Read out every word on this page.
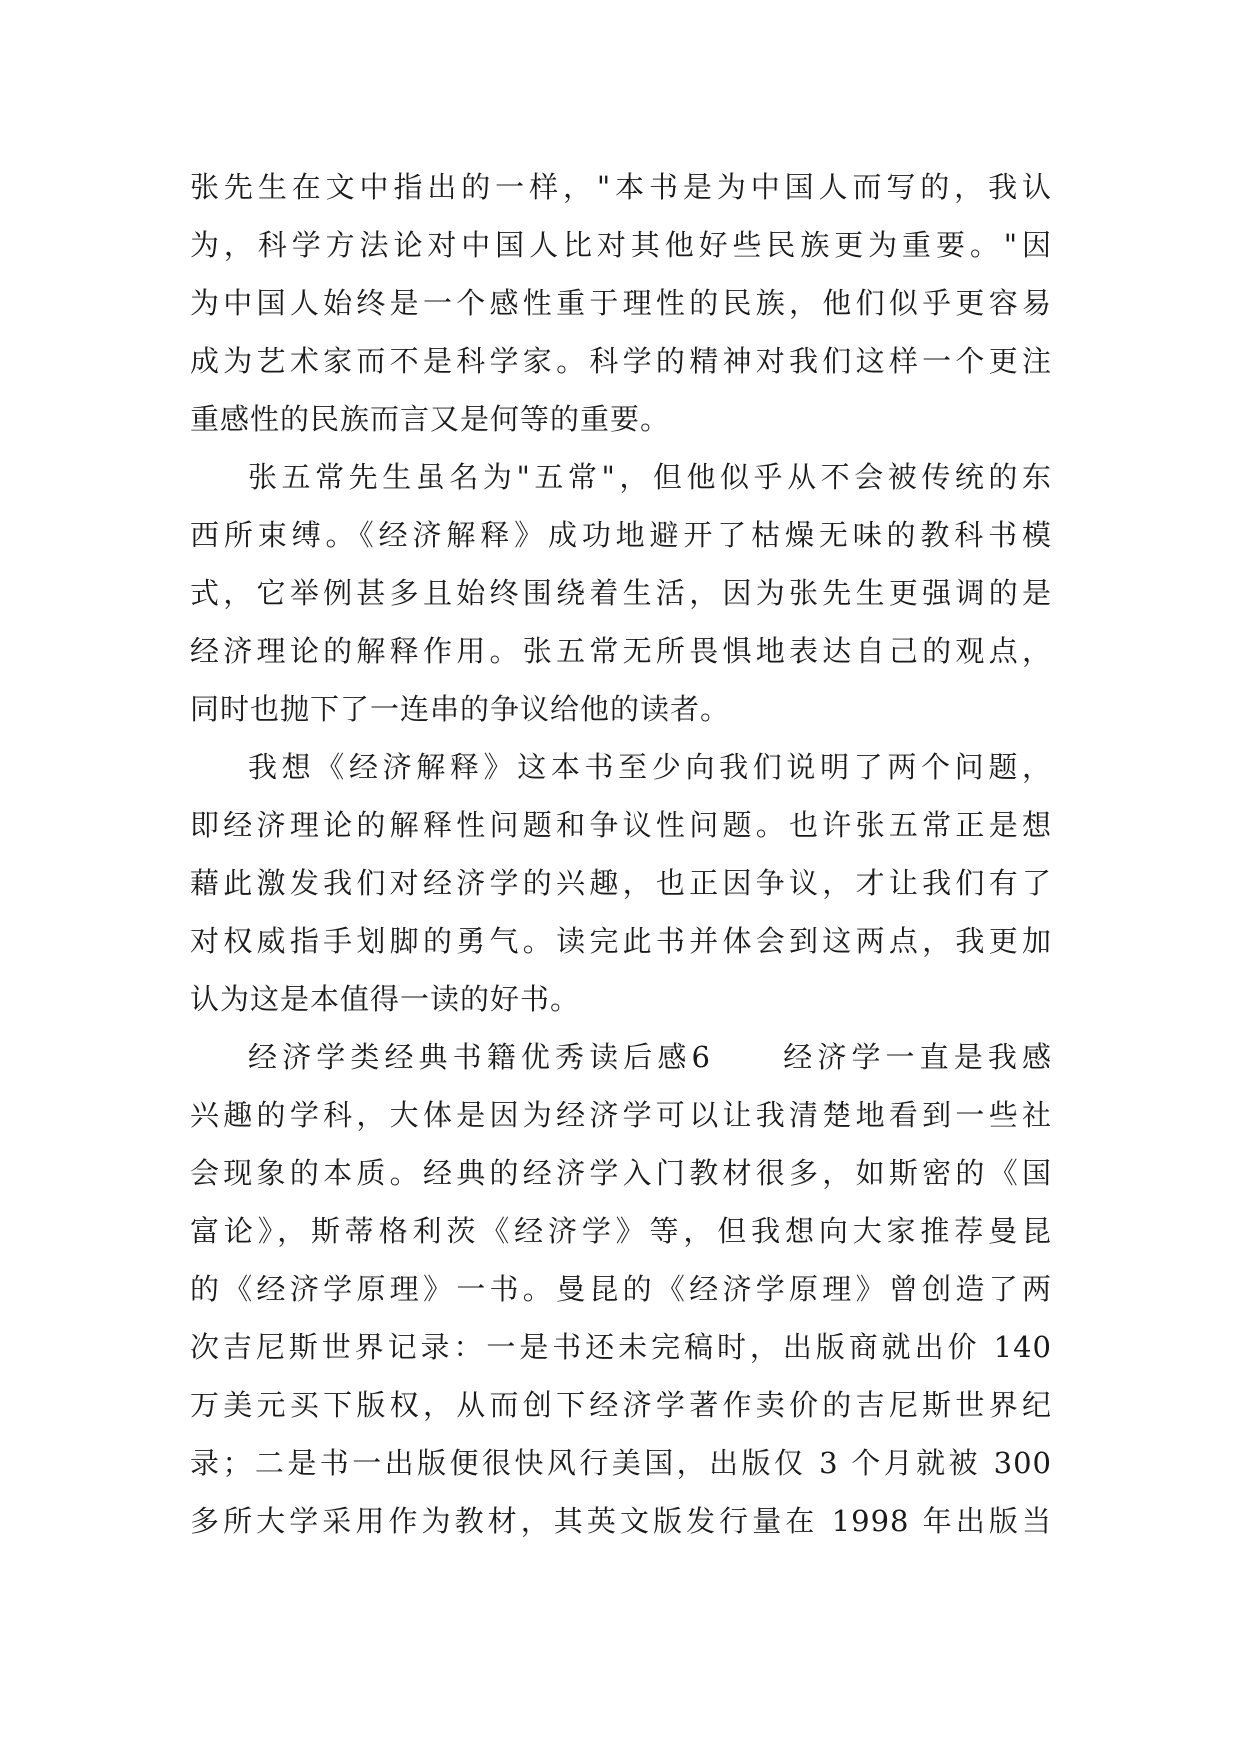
张先生在文中指出的一样，"本书是为中国人而写的，我认
为，科学方法论对中国人比对其他好些民族更为重要。"因
为中国人始终是一个感性重于理性的民族，他们似乎更容易
成为艺术家而不是科学家。科学的精神对我们这样一个更注
重感性的民族而言又是何等的重要。
张五常先生虽名为"五常"，但他似乎从不会被传统的东
西所束缚。《经济解释》成功地避开了枯燥无味的教科书模
式，它举例甚多且始终围绕着生活，因为张先生更强调的是
经济理论的解释作用。张五常无所畏惧地表达自己的观点，
同时也抛下了一连串的争议给他的读者。
我想《经济解释》这本书至少向我们说明了两个问题，
即经济理论的解释性问题和争议性问题。也许张五常正是想
藉此激发我们对经济学的兴趣，也正因争议，才让我们有了
对权威指手划脚的勇气。读完此书并体会到这两点，我更加
认为这是本值得一读的好书。
经济学类经典书籍优秀读后感6　　经济学一直是我感
兴趣的学科，大体是因为经济学可以让我清楚地看到一些社
会现象的本质。经典的经济学入门教材很多，如斯密的《国
富论》，斯蒂格利茨《经济学》等，但我想向大家推荐曼昆
的《经济学原理》一书。曼昆的《经济学原理》曾创造了两
次吉尼斯世界记录：一是书还未完稿时，出版商就出价 140
万美元买下版权，从而创下经济学著作卖价的吉尼斯世界纪
录；二是书一出版便很快风行美国，出版仅 3 个月就被 300
多所大学采用作为教材，其英文版发行量在 1998 年出版当
